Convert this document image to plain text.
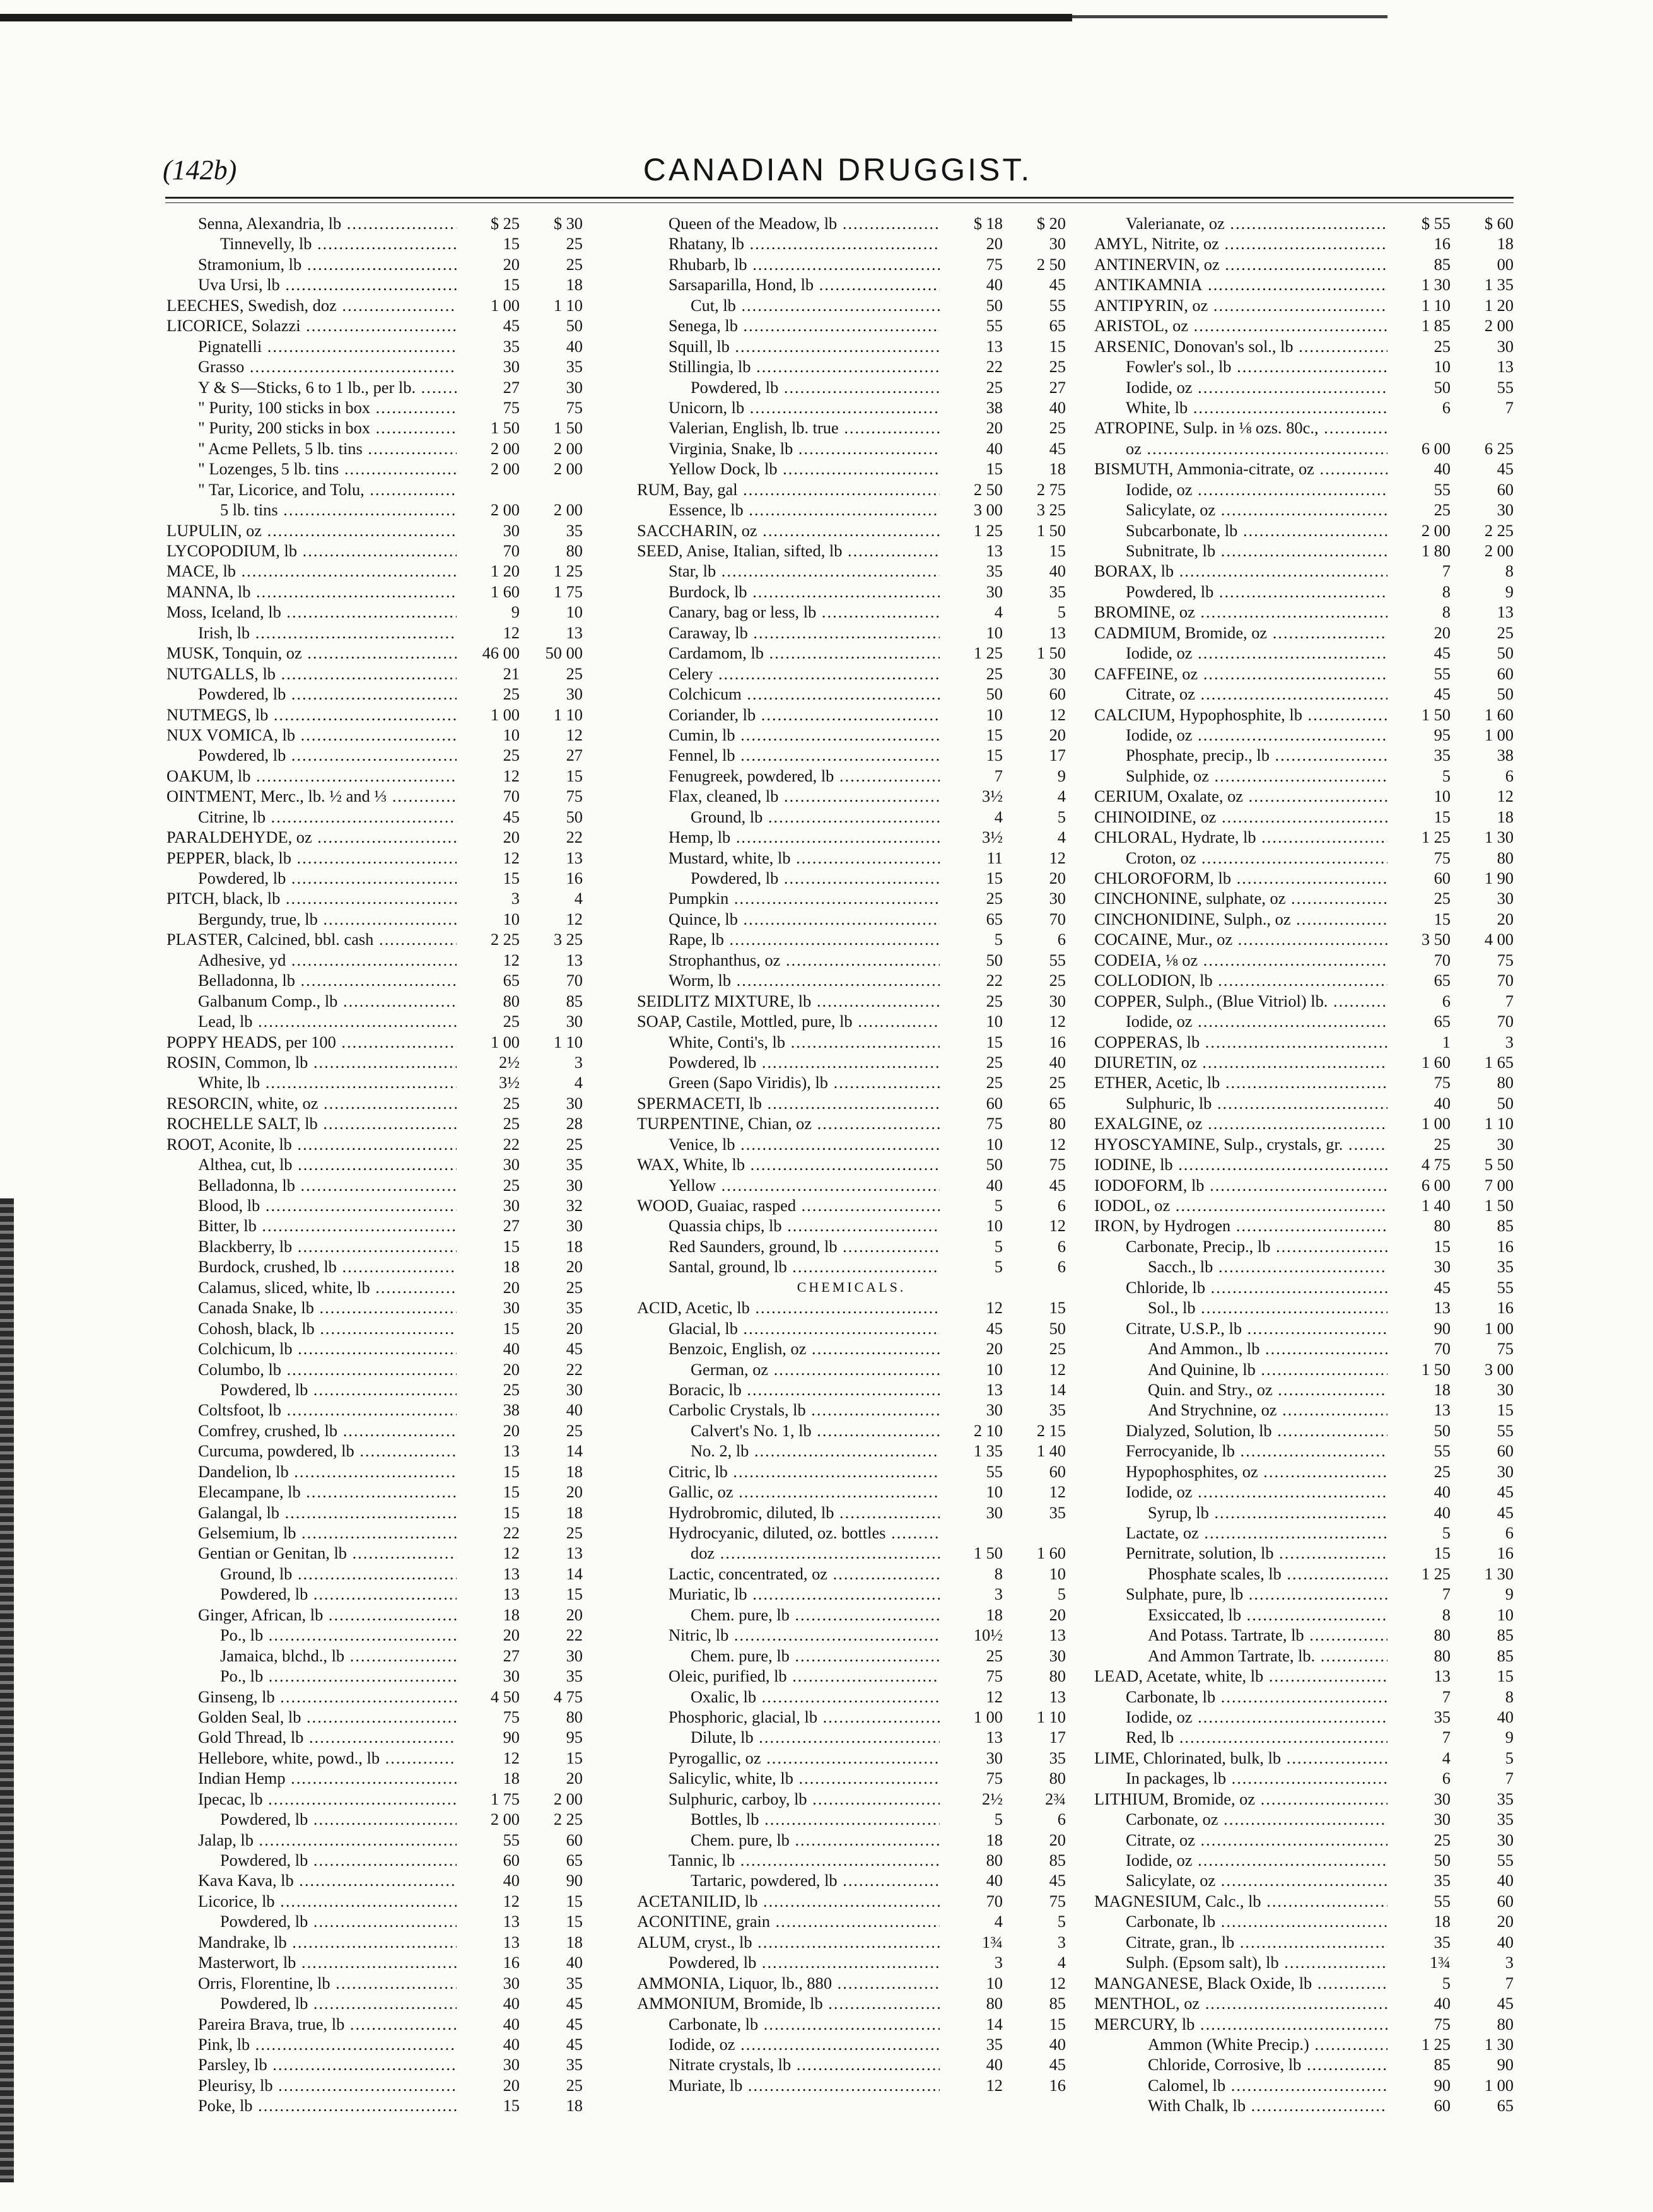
(142b)	CANADIAN DRUGGIST.
Senna, Alexandria, lb .....	$ 25	$ 30
Tinnevelly, lb .....	15	25
Stramonium, lb .....	20	25
Uva Ursi, lb .....	15	18
LEECHES, Swedish, doz .....	1 00	1 10
LICORICE, Solazzi .....	45	50
Pignatelli .....	35	40
Grasso .....	30	35
Y & S—Sticks, 6 to 1 lb., per lb. .....	27	30
" Purity, 100 sticks in box .....	75	75
" Purity, 200 sticks in box .....	1 50	1 50
" Acme Pellets, 5 lb. tins .....	2 00	2 00
" Lozenges, 5 lb. tins .....	2 00	2 00
" Tar, Licorice, and Tolu, .....
5 lb. tins .....	2 00	2 00
LUPULIN, oz .....	30	35
LYCOPODIUM, lb .....	70	80
MACE, lb .....	1 20	1 25
MANNA, lb .....	1 60	1 75
Moss, Iceland, lb .....	9	10
Irish, lb .....	12	13
MUSK, Tonquin, oz .....	46 00	50 00
NUTGALLS, lb .....	21	25
Powdered, lb .....	25	30
NUTMEGS, lb .....	1 00	1 10
NUX VOMICA, lb .....	10	12
Powdered, lb .....	25	27
OAKUM, lb .....	12	15
OINTMENT, Merc., lb. ½ and ⅓ .....	70	75
Citrine, lb .....	45	50
PARALDEHYDE, oz .....	20	22
PEPPER, black, lb .....	12	13
Powdered, lb .....	15	16
PITCH, black, lb .....	3	4
Bergundy, true, lb .....	10	12
PLASTER, Calcined, bbl. cash .....	2 25	3 25
Adhesive, yd .....	12	13
Belladonna, lb .....	65	70
Galbanum Comp., lb .....	80	85
Lead, lb .....	25	30
POPPY HEADS, per 100 .....	1 00	1 10
ROSIN, Common, lb .....	2½	3
White, lb .....	3½	4
RESORCIN, white, oz .....	25	30
ROCHELLE SALT, lb .....	25	28
ROOT, Aconite, lb .....	22	25
Althea, cut, lb .....	30	35
Belladonna, lb .....	25	30
Blood, lb .....	30	32
Bitter, lb .....	27	30
Blackberry, lb .....	15	18
Burdock, crushed, lb .....	18	20
Calamus, sliced, white, lb .....	20	25
Canada Snake, lb .....	30	35
Cohosh, black, lb .....	15	20
Colchicum, lb .....	40	45
Columbo, lb .....	20	22
Powdered, lb .....	25	30
Coltsfoot, lb .....	38	40
Comfrey, crushed, lb .....	20	25
Curcuma, powdered, lb .....	13	14
Dandelion, lb .....	15	18
Elecampane, lb .....	15	20
Galangal, lb .....	15	18
Gelsemium, lb .....	22	25
Gentian or Genitan, lb .....	12	13
Ground, lb .....	13	14
Powdered, lb .....	13	15
Ginger, African, lb .....	18	20
Po., lb .....	20	22
Jamaica, blchd., lb .....	27	30
Po., lb .....	30	35
Ginseng, lb .....	4 50	4 75
Golden Seal, lb .....	75	80
Gold Thread, lb .....	90	95
Hellebore, white, powd., lb .....	12	15
Indian Hemp .....	18	20
Ipecac, lb .....	1 75	2 00
Powdered, lb .....	2 00	2 25
Jalap, lb .....	55	60
Powdered, lb .....	60	65
Kava Kava, lb .....	40	90
Licorice, lb .....	12	15
Powdered, lb .....	13	15
Mandrake, lb .....	13	18
Masterwort, lb .....	16	40
Orris, Florentine, lb .....	30	35
Powdered, lb .....	40	45
Pareira Brava, true, lb .....	40	45
Pink, lb .....	40	45
Parsley, lb .....	30	35
Pleurisy, lb .....	20	25
Poke, lb .....	15	18
Queen of the Meadow, lb .....	$ 18	$ 20
Rhatany, lb .....	20	30
Rhubarb, lb .....	75	2 50
Sarsaparilla, Hond, lb .....	40	45
Cut, lb .....	50	55
Senega, lb .....	55	65
Squill, lb .....	13	15
Stillingia, lb .....	22	25
Powdered, lb .....	25	27
Unicorn, lb .....	38	40
Valerian, English, lb. true .....	20	25
Virginia, Snake, lb .....	40	45
Yellow Dock, lb .....	15	18
RUM, Bay, gal .....	2 50	2 75
Essence, lb .....	3 00	3 25
SACCHARIN, oz .....	1 25	1 50
SEED, Anise, Italian, sifted, lb .....	13	15
Star, lb .....	35	40
Burdock, lb .....	30	35
Canary, bag or less, lb .....	4	5
Caraway, lb .....	10	13
Cardamom, lb .....	1 25	1 50
Celery .....	25	30
Colchicum .....	50	60
Coriander, lb .....	10	12
Cumin, lb .....	15	20
Fennel, lb .....	15	17
Fenugreek, powdered, lb .....	7	9
Flax, cleaned, lb .....	3½	4
Ground, lb .....	4	5
Hemp, lb .....	3½	4
Mustard, white, lb .....	11	12
Powdered, lb .....	15	20
Pumpkin .....	25	30
Quince, lb .....	65	70
Rape, lb .....	5	6
Strophanthus, oz .....	50	55
Worm, lb .....	22	25
SEIDLITZ MIXTURE, lb .....	25	30
SOAP, Castile, Mottled, pure, lb .....	10	12
White, Conti's, lb .....	15	16
Powdered, lb .....	25	40
Green (Sapo Viridis), lb .....	25	25
SPERMACETI, lb .....	60	65
TURPENTINE, Chian, oz .....	75	80
Venice, lb .....	10	12
WAX, White, lb .....	50	75
Yellow .....	40	45
WOOD, Guaiac, rasped .....	5	6
Quassia chips, lb .....	10	12
Red Saunders, ground, lb .....	5	6
Santal, ground, lb .....	5	6
CHEMICALS.
ACID, Acetic, lb .....	12	15
Glacial, lb .....	45	50
Benzoic, English, oz .....	20	25
German, oz .....	10	12
Boracic, lb .....	13	14
Carbolic Crystals, lb .....	30	35
Calvert's No. 1, lb .....	2 10	2 15
No. 2, lb .....	1 35	1 40
Citric, lb .....	55	60
Gallic, oz .....	10	12
Hydrobromic, diluted, lb .....	30	35
Hydrocyanic, diluted, oz. bottles .....
doz .....	1 50	1 60
Lactic, concentrated, oz .....	8	10
Muriatic, lb .....	3	5
Chem. pure, lb .....	18	20
Nitric, lb .....	10½	13
Chem. pure, lb .....	25	30
Oleic, purified, lb .....	75	80
Oxalic, lb .....	12	13
Phosphoric, glacial, lb .....	1 00	1 10
Dilute, lb .....	13	17
Pyrogallic, oz .....	30	35
Salicylic, white, lb .....	75	80
Sulphuric, carboy, lb .....	2½	2¾
Bottles, lb .....	5	6
Chem. pure, lb .....	18	20
Tannic, lb .....	80	85
Tartaric, powdered, lb .....	40	45
ACETANILID, lb .....	70	75
ACONITINE, grain .....	4	5
ALUM, cryst., lb .....	1¾	3
Powdered, lb .....	3	4
AMMONIA, Liquor, lb., 880 .....	10	12
AMMONIUM, Bromide, lb .....	80	85
Carbonate, lb .....	14	15
Iodide, oz .....	35	40
Nitrate crystals, lb .....	40	45
Muriate, lb .....	12	16
Valerianate, oz .....	$ 55	$ 60
AMYL, Nitrite, oz .....	16	18
ANTINERVIN, oz .....	85	00
ANTIKAMNIA .....	1 30	1 35
ANTIPYRIN, oz .....	1 10	1 20
ARISTOL, oz .....	1 85	2 00
ARSENIC, Donovan's sol., lb .....	25	30
Fowler's sol., lb .....	10	13
Iodide, oz .....	50	55
White, lb .....	6	7
ATROPINE, Sulp. in ⅛ ozs. 80c., .....
oz .....	6 00	6 25
BISMUTH, Ammonia-citrate, oz .....	40	45
Iodide, oz .....	55	60
Salicylate, oz .....	25	30
Subcarbonate, lb .....	2 00	2 25
Subnitrate, lb .....	1 80	2 00
BORAX, lb .....	7	8
Powdered, lb .....	8	9
BROMINE, oz .....	8	13
CADMIUM, Bromide, oz .....	20	25
Iodide, oz .....	45	50
CAFFEINE, oz .....	55	60
Citrate, oz .....	45	50
CALCIUM, Hypophosphite, lb .....	1 50	1 60
Iodide, oz .....	95	1 00
Phosphate, precip., lb .....	35	38
Sulphide, oz .....	5	6
CERIUM, Oxalate, oz .....	10	12
CHINOIDINE, oz .....	15	18
CHLORAL, Hydrate, lb .....	1 25	1 30
Croton, oz .....	75	80
CHLOROFORM, lb .....	60	1 90
CINCHONINE, sulphate, oz .....	25	30
CINCHONIDINE, Sulph., oz .....	15	20
COCAINE, Mur., oz .....	3 50	4 00
CODEIA, ⅛ oz .....	70	75
COLLODION, lb .....	65	70
COPPER, Sulph., (Blue Vitriol) lb. .....	6	7
Iodide, oz .....	65	70
COPPERAS, lb .....	1	3
DIURETIN, oz .....	1 60	1 65
ETHER, Acetic, lb .....	75	80
Sulphuric, lb .....	40	50
EXALGINE, oz .....	1 00	1 10
HYOSCYAMINE, Sulp., crystals, gr. .....	25	30
IODINE, lb .....	4 75	5 50
IODOFORM, lb .....	6 00	7 00
IODOL, oz .....	1 40	1 50
IRON, by Hydrogen .....	80	85
Carbonate, Precip., lb .....	15	16
Sacch., lb .....	30	35
Chloride, lb .....	45	55
Sol., lb .....	13	16
Citrate, U.S.P., lb .....	90	1 00
And Ammon., lb .....	70	75
And Quinine, lb .....	1 50	3 00
Quin. and Stry., oz .....	18	30
And Strychnine, oz .....	13	15
Dialyzed, Solution, lb .....	50	55
Ferrocyanide, lb .....	55	60
Hypophosphites, oz .....	25	30
Iodide, oz .....	40	45
Syrup, lb .....	40	45
Lactate, oz .....	5	6
Pernitrate, solution, lb .....	15	16
Phosphate scales, lb .....	1 25	1 30
Sulphate, pure, lb .....	7	9
Exsiccated, lb .....	8	10
And Potass. Tartrate, lb .....	80	85
And Ammon Tartrate, lb. .....	80	85
LEAD, Acetate, white, lb .....	13	15
Carbonate, lb .....	7	8
Iodide, oz .....	35	40
Red, lb .....	7	9
LIME, Chlorinated, bulk, lb .....	4	5
In packages, lb .....	6	7
LITHIUM, Bromide, oz .....	30	35
Carbonate, oz .....	30	35
Citrate, oz .....	25	30
Iodide, oz .....	50	55
Salicylate, oz .....	35	40
MAGNESIUM, Calc., lb .....	55	60
Carbonate, lb .....	18	20
Citrate, gran., lb .....	35	40
Sulph. (Epsom salt), lb .....	1¾	3
MANGANESE, Black Oxide, lb .....	5	7
MENTHOL, oz .....	40	45
MERCURY, lb .....	75	80
Ammon (White Precip.) .....	1 25	1 30
Chloride, Corrosive, lb .....	85	90
Calomel, lb .....	90	1 00
With Chalk, lb .....	60	65
